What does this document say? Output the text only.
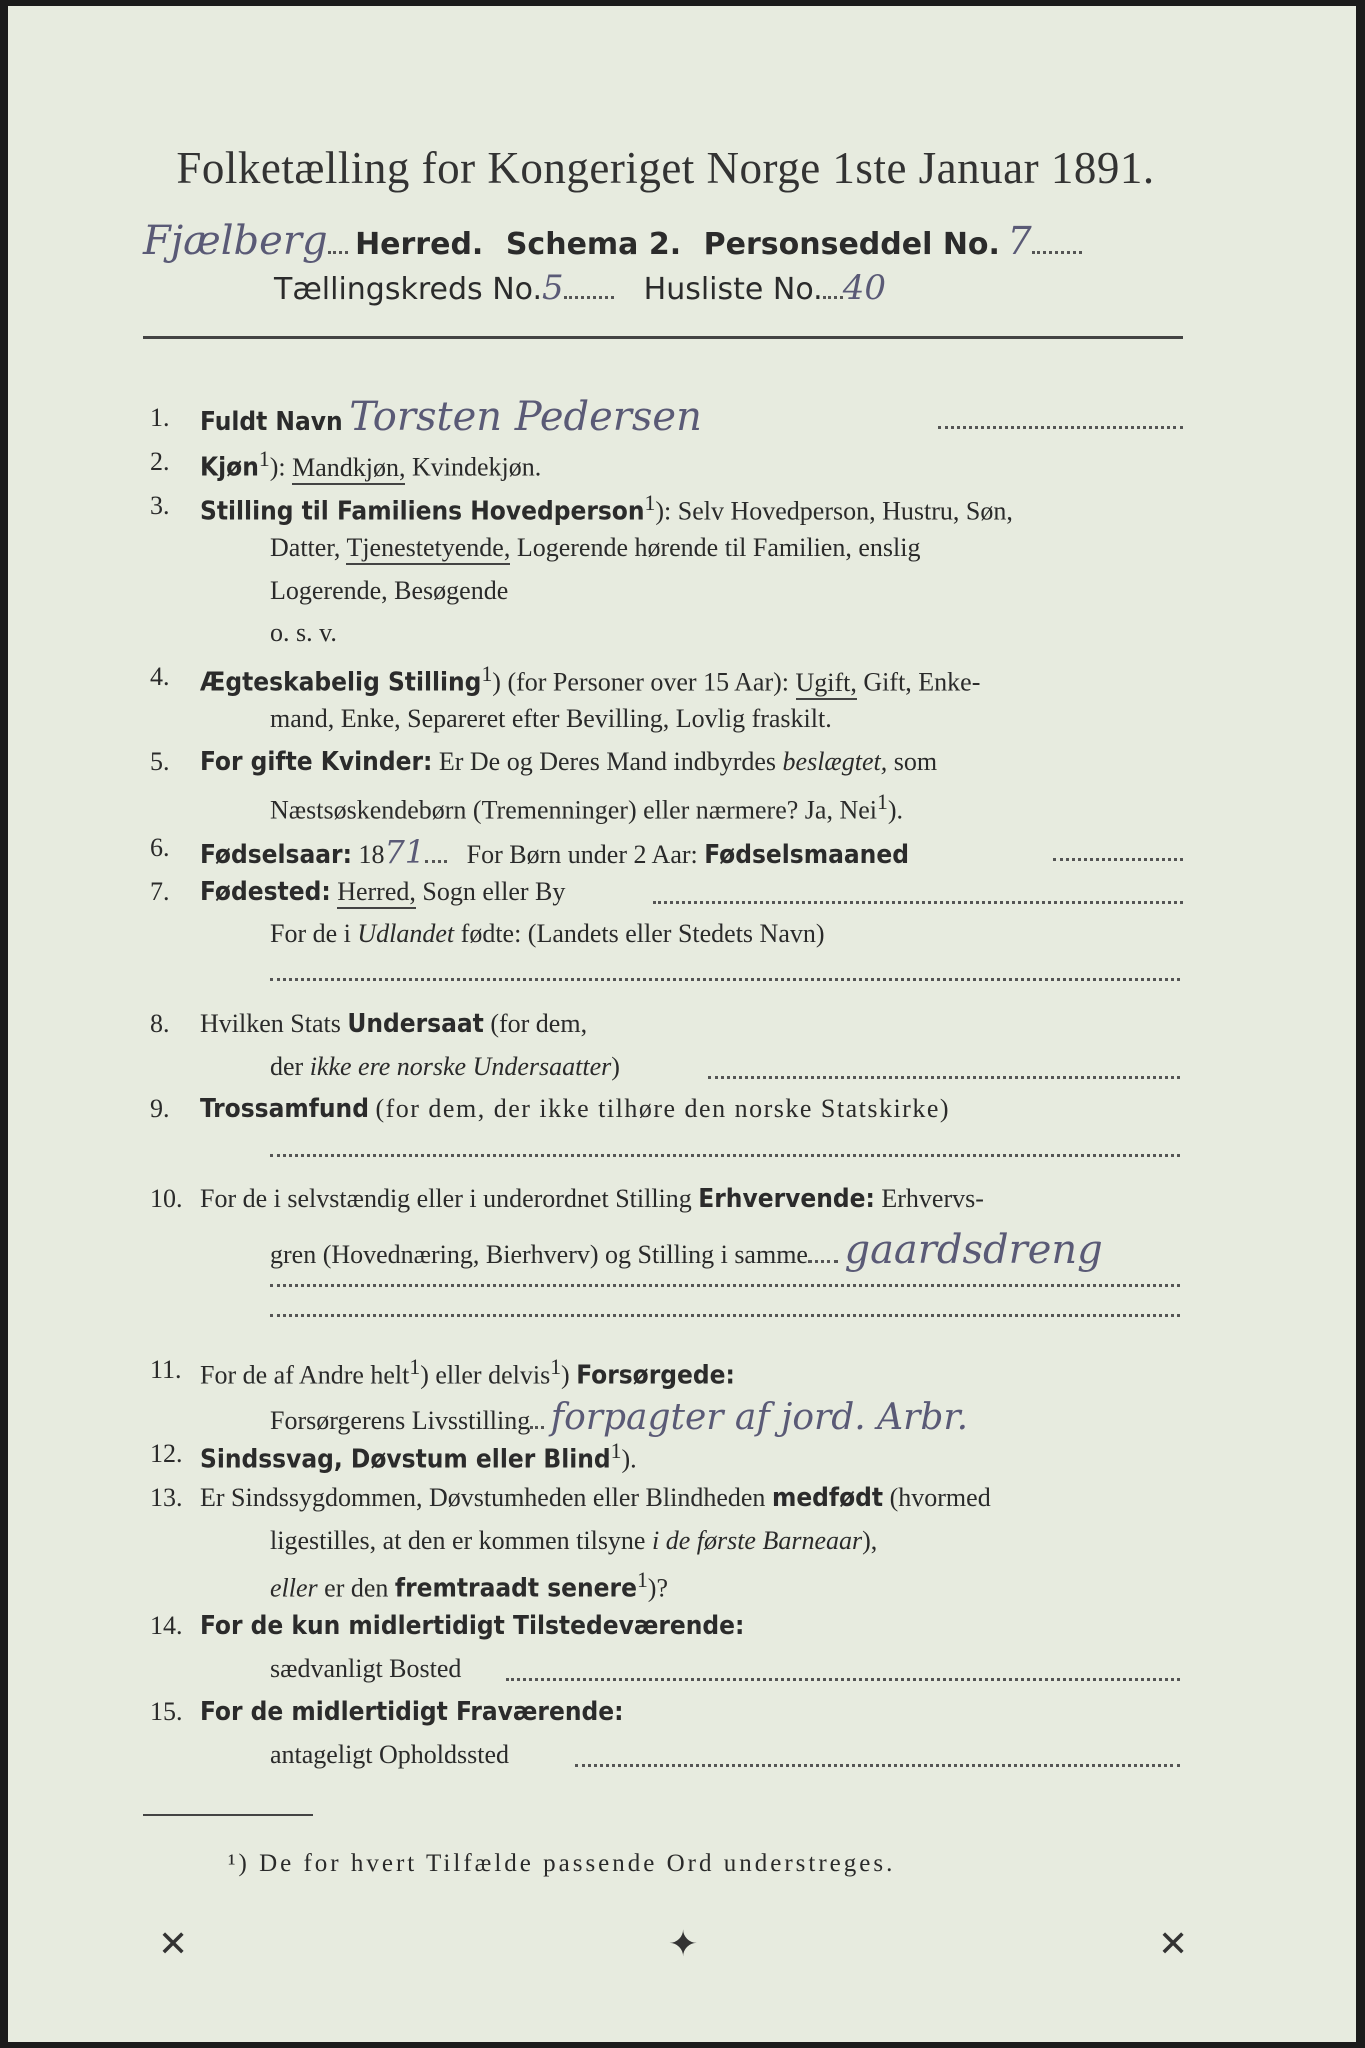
Folketælling for Kongeriget Norge 1ste Januar 1891.
Fjælberg Herred. Schema 2. Personseddel No. 7
Tællingskreds No.5	Husliste No. 40
1. Fuldt Navn Torsten Pedersen
2. Kjøn$^1$): Mandkjøn, Kvindekjøn.
3. Stilling til Familiens Hovedperson$^1$): Selv Hovedperson, Hustru, Søn,
Datter, Tjenestetyende, Logerende hørende til Familien, enslig
Logerende, Besøgende
o. s. v.
4. Ægteskabelig Stilling$^1$) (for Personer over 15 Aar): Ugift, Gift, Enke-
mand, Enke, Separeret efter Bevilling, Lovlig fraskilt.
5. For gifte Kvinder: Er De og Deres Mand indbyrdes beslægtet, som
Næstsøskendebørn (Tremenninger) eller nærmere? Ja, Nei$^1$).
6. Fødselsaar: 1871 For Børn under 2 Aar: Fødselsmaaned
7. Fødested: Herred, Sogn eller By
For de i Udlandet fødte: (Landets eller Stedets Navn)
8. Hvilken Stats Undersaat (for dem,
der ikke ere norske Undersaatter)
9. Trossamfund (for dem, der ikke tilhøre den norske Statskirke)
10. For de i selvstændig eller i underordnet Stilling Erhvervende: Erhvervs-
gren (Hovednæring, Bierhverv) og Stilling i samme gaardsdreng
11. For de af Andre helt$^1$) eller delvis$^1$) Forsørgede:
Forsørgerens Livsstilling forpagter af jord. Arbr.
12. Sindssvag, Døvstum eller Blind$^1$).
13. Er Sindssygdommen, Døvstumheden eller Blindheden medfødt (hvormed
ligestilles, at den er kommen tilsyne i de første Barneaar),
eller er den fremtraadt senere$^1$)?
14. For de kun midlertidigt Tilstedeværende:
sædvanligt Bosted
15. For de midlertidigt Fraværende:
antageligt Opholdssted
¹) De for hvert Tilfælde passende Ord understreges.
✕	✦	✕
